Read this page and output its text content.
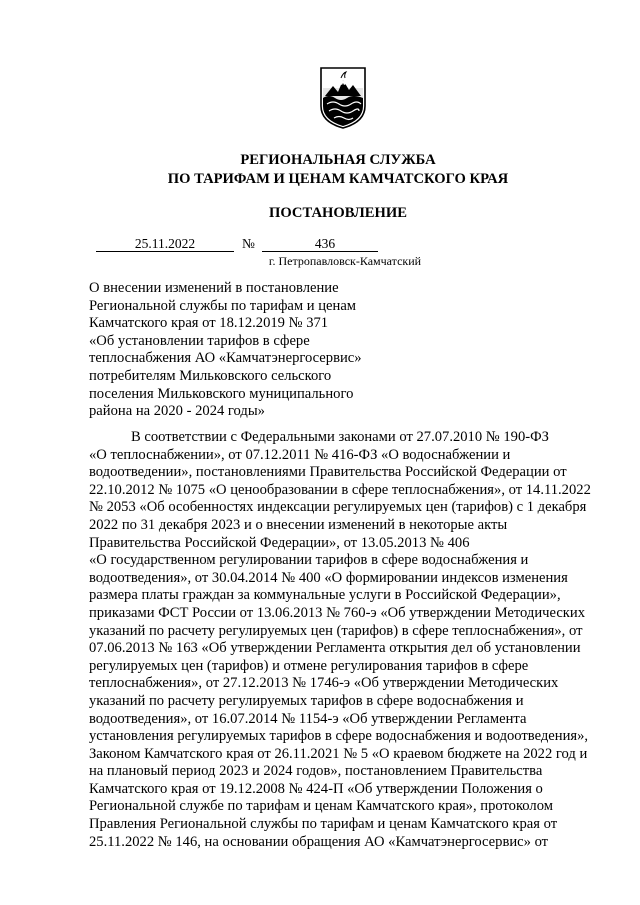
РЕГИОНАЛЬНАЯ СЛУЖБА
ПО ТАРИФАМ И ЦЕНАМ КАМЧАТСКОГО КРАЯ
ПОСТАНОВЛЕНИЕ
25.11.2022	№	436
г. Петропавловск-Камчатский

О внесении изменений в постановление

Региональной службы по тарифам и ценам

Камчатского края от 18.12.2019 № 371

«Об установлении тарифов в сфере

теплоснабжения АО «Камчатэнергосервис»

потребителям Мильковского сельского

поселения Мильковского муниципального

района на 2020 - 2024 годы»

В соответствии с Федеральными законами от 27.07.2010 № 190-ФЗ

«О теплоснабжении», от 07.12.2011 № 416-ФЗ «О водоснабжении и

водоотведении», постановлениями Правительства Российской Федерации от

22.10.2012 № 1075 «О ценообразовании в сфере теплоснабжения», от 14.11.2022

№ 2053 «Об особенностях индексации регулируемых цен (тарифов) с 1 декабря

2022 по 31 декабря 2023 и о внесении изменений в некоторые акты

Правительства Российской Федерации», от 13.05.2013 № 406

«О государственном регулировании тарифов в сфере водоснабжения и

водоотведения», от 30.04.2014 № 400 «О формировании индексов изменения

размера платы граждан за коммунальные услуги в Российской Федерации»,

приказами ФСТ России от 13.06.2013 № 760-э «Об утверждении Методических

указаний по расчету регулируемых цен (тарифов) в сфере теплоснабжения», от

07.06.2013 № 163 «Об утверждении Регламента открытия дел об установлении

регулируемых цен (тарифов) и отмене регулирования тарифов в сфере

теплоснабжения», от 27.12.2013 № 1746-э «Об утверждении Методических

указаний по расчету регулируемых тарифов в сфере водоснабжения и

водоотведения», от 16.07.2014 № 1154-э «Об утверждении Регламента

установления регулируемых тарифов в сфере водоснабжения и водоотведения»,

Законом Камчатского края от 26.11.2021 № 5 «О краевом бюджете на 2022 год и

на плановый период 2023 и 2024 годов», постановлением Правительства

Камчатского края от 19.12.2008 № 424-П «Об утверждении Положения о

Региональной службе по тарифам и ценам Камчатского края», протоколом

Правления Региональной службы по тарифам и ценам Камчатского края от

25.11.2022 № 146, на основании обращения АО «Камчатэнергосервис» от
